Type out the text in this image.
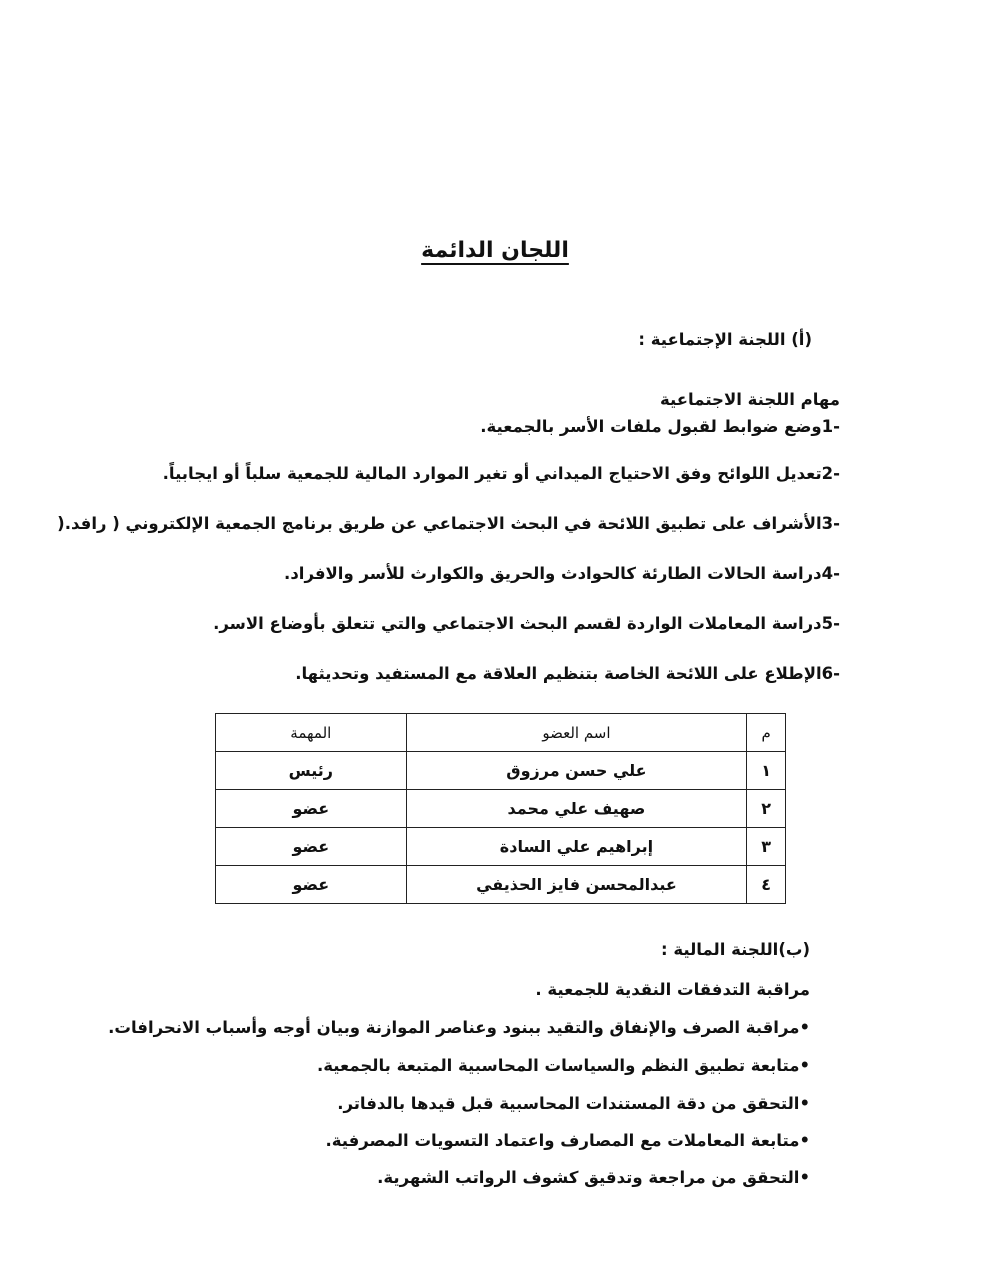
اللجان الدائمة
(أ) اللجنة الإجتماعية :
مهام اللجنة الاجتماعية
-1وضع ضوابط لقبول ملفات الأسر بالجمعية.
-2تعديل اللوائح وفق الاحتياج الميداني أو تغير الموارد المالية للجمعية سلباً أو ايجابياً.
-3الأشراف على تطبيق اللائحة في البحث الاجتماعي عن طريق برنامج الجمعية الإلكتروني ( رافد.(
-4دراسة الحالات الطارئة كالحوادث والحريق والكوارث للأسر والافراد.
-5دراسة المعاملات الواردة لقسم البحث الاجتماعي والتي تتعلق بأوضاع الاسر.
-6الإطلاع على اللائحة الخاصة بتنظيم العلاقة مع المستفيد وتحديثها.
م	اسم العضو	المهمة
١	علي حسن مرزوق	رئيس
٢	صهيف علي محمد	عضو
٣	إبراهيم علي السادة	عضو
٤	عبدالمحسن فايز الحذيفي	عضو
(ب)اللجنة المالية :
مراقبة التدفقات النقدية للجمعية .
•مراقبة الصرف والإنفاق والتقيد ببنود وعناصر الموازنة وبيان أوجه وأسباب الانحرافات.
•متابعة تطبيق النظم والسياسات المحاسبية المتبعة بالجمعية.
•التحقق من دقة المستندات المحاسبية قبل قيدها بالدفاتر.
•متابعة المعاملات مع المصارف واعتماد التسويات المصرفية.
•التحقق من مراجعة وتدقيق كشوف الرواتب الشهرية.
